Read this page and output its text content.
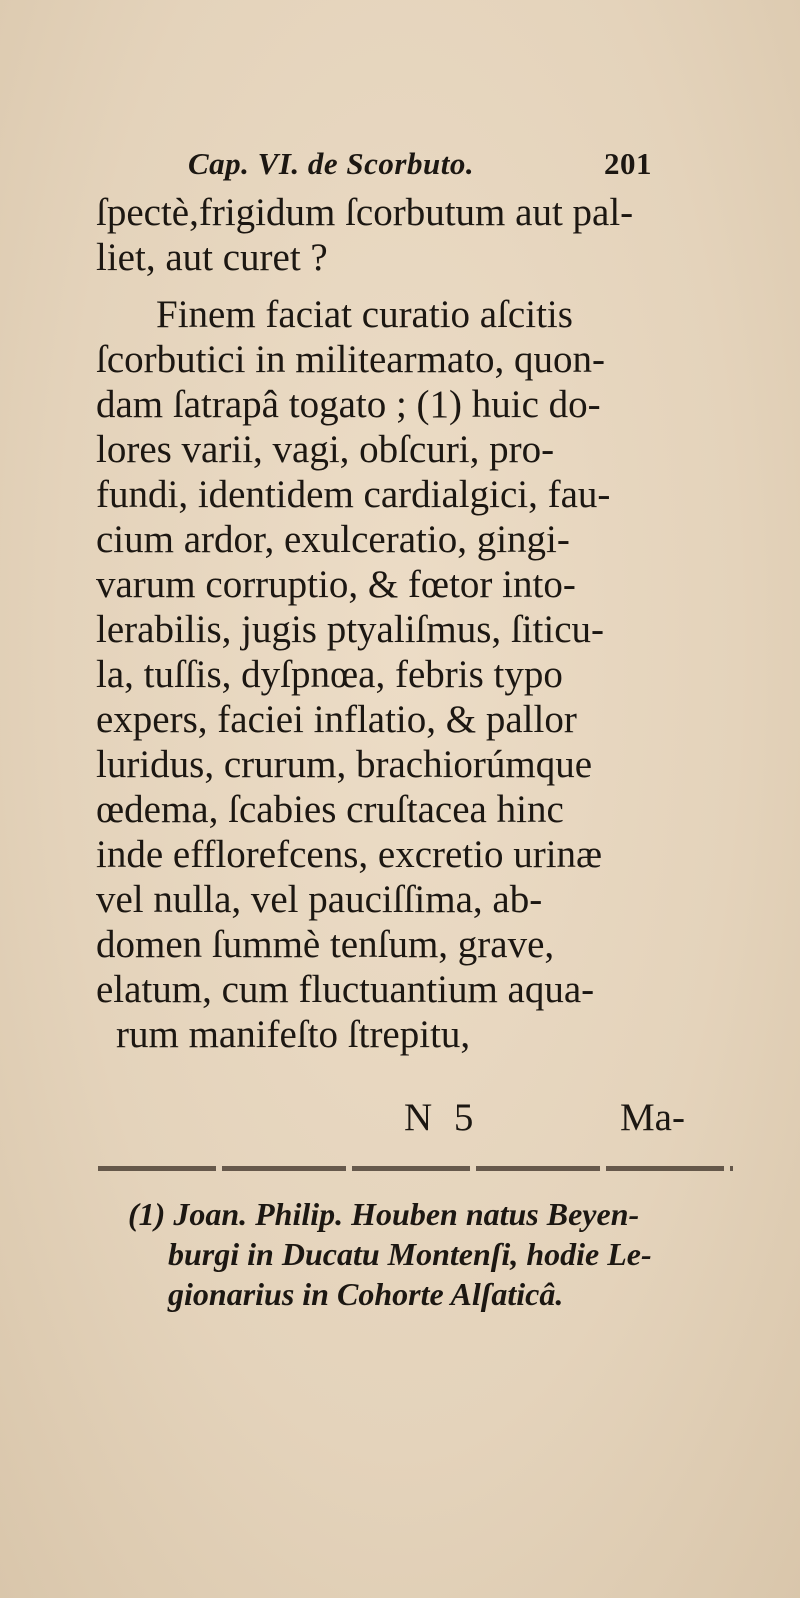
Cap. VI. de Scorbuto.	201
ſpectè,frigidum ſcorbutum aut pal-
liet, aut curet ?
Finem faciat curatio aſcitis
ſcorbutici in militearmato, quon-
dam ſatrapâ togato ; (1) huic do-
lores varii, vagi, obſcuri, pro-
fundi, identidem cardialgici, fau-
cium ardor, exulceratio, gingi-
varum corruptio, & fœtor into-
lerabilis, jugis ptyaliſmus, ſiticu-
la, tuſſis, dyſpnœa, febris typo
expers, faciei inflatio, & pallor
luridus, crurum, brachiorúmque
œdema, ſcabies cruſtacea hinc
inde efflorefcens, excretio urinæ
vel nulla, vel pauciſſima, ab-
domen ſummè tenſum, grave,
elatum, cum fluctuantium aqua-
rum manifeſto ſtrepitu,
N 5	Ma-
(1) Joan. Philip. Houben natus Beyen-
burgi in Ducatu Montenſi, hodie Le-
gionarius in Cohorte Alſaticâ.
